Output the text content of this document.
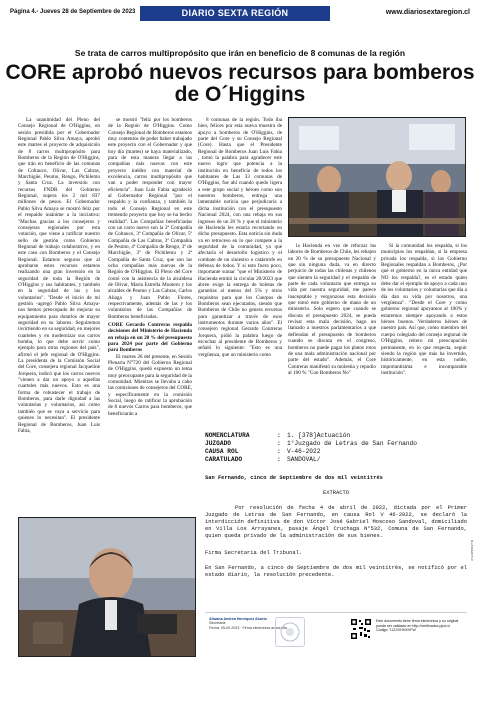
Página 4.- Jueves 28 de Septiembre de 2023	DIARIO SEXTA REGIÓN	www.diariosextaregion.cl
Se trata de carros multipropósito que irán en beneficio de 8 comunas de la región
CORE aprobó nuevos recursos para bomberos de O´Higgins

La unanimidad del Pleno del Consejo Regional de O'Higgins, en sesión presidida por el Gobernador Regional Pablo Silva Amaya, aprobó este martes el proyecto de adquisición de 8 carros multipropósito para Bomberos de la Región de O'Higgins, que irán en beneficio de las comunas de Coltauco, Olivar, Las Cabras, Marchigüe, Peumo, Rengo, Pichilemu y Santa Cruz. La inversión con recursos FNDR del Gobierno Regional, supera los 2 mil 837 millones de pesos. El Gobernador Pablo Silva Amaya se mostró feliz por el respaldo unánime a la iniciativa: "Muchas gracias a los consejeros y consejeras regionales por esta votación, que viene a ratificar nuestro sello de gestión como Gobierno Regional de trabajo colaborativo, y en este caso con Bomberos y el Consejo Regional. Estamos seguros que al aprobarse estos recursos estamos realizando una gran inversión en la seguridad de toda la Región de O'Higgins y sus habitantes, y también en la seguridad de las y los voluntarios". "Desde el inicio de mi gestión -agregó Pablo Silva Amaya- nos hemos preocupado de mejorar su equipamiento para dotarlos de mayor seguridad en su labores. Seguiremos invirtiendo en su seguridad, en mejores cuarteles y en modernizar sus carros bomba, lo que debe servir como ejemplo para otras regiones del país", afirmó el jefe regional de O'Higgins. La presidenta de la Comisión Social del Core, consejera regional Jacqueline Jorquera, indicó que los carros nuevos "vienen a dar un apoyo a aquellas cuarteles más nuevos. Esto es una forma de robustecer el trabajo de Bomberos, para darle dignidad a las voluntarias y voluntarios, así como también que se vaya a servicio para quienes lo necesitan". El presidente Regional de Bomberos, Juan Luis Fabia,

se mostró "feliz por los bomberos de la Región de O'Higgins. Como Consejo Regional de Bomberos estamos muy contentos de poder haber trabajado este proyecto con el Gobernador y que hoy día (martes) se haya materializado, para de esta manera llegar a las compañías más nuevas con este proyecto inédito con material de excelencia, carros multipropósito que van a poder responder con mayor eficiencia". Juan Luis Fabia agradeció al Gobernador Regional "por el respaldo y la confianza, y también la todo el Consejo Regional en este tremendo proyecto que hoy se ha hecho realidad". Las Compañías beneficiadas con un carro nuevo son la 2ª Compañía de Coltauco, 3ª Compañía de Olivar, 5ª Compañía de Las Cabras, 3ª Compañía de Peumo, 4ª Compañía de Rengo, 3ª de Marchigüe, 3ª de Pichilemu y 2ª Compañía de Santa Cruz, que son las ocho compañías más nuevas de la Región de O'Higgins. El Pleno del Core contó con la asistencia de la alcaldesa de Olivar, María Estrella Montero y los alcaldes de Peumo y Las Cabras, Carlos Aliaga y Juan Pablo Flores, respectivamente, además de las y los voluntarios de las Compañías de Bomberos beneficiadas.

CORE Gerardo Contreras respalda decisiones del Ministerio de Hacienda en rebaja en un 20 % del presupuesto para 2024 por parte del Gobierno para Bomberos

El martes 26 del presente, en Sesión Plenaria N°720 del Gobierno Regional de O'Higgins, quedó expuesto un tema muy preocupante para la seguridad de la comunidad. Mientras se llevaba a cabo las comisiones de consejeros del CORE, y específicamente en la comisión Social, luego de ratificar la aprobación de 8 nuevos Carros para bomberos, que beneficiarán a

8 comunas de la región. Todo iba bien, felices por esta nueva muestra de apoyo a bomberos de O'Higgins, de parte del Gore y su Consejo Regional (Core). Hasta que el Presidente Regional de Bomberos Juan Luis Fabia , tomó la palabra para agradecer este nuevo logro que potencia a la institución en beneficio de todos los habitantes de Las 33 comunas de O'Higgins, fue ahí cuando quedo ligera a este grupo social y héroes como son nuestros bomberos, entrega una lamentable noticia que perjudicaría a dicha institución con el presupuesto Nacional 2024, con una rebaja en sus ingresos de un 20 % y que el ministerio de Hacienda les estaría recortando en dicho presupuesto. Esta noticia sin duda va en retroceso en lo que compete a la seguridad de la comunidad, ya que afectaría el desarrollo logístico y el combate de un siniestro o catástrofe en defensa de todos. Y si esto fuera poco, importante sumar "que el Ministerio de Hacienda emitió la circular 20/2023 que abren exige la entrega de boletas de garantías al menos del 5% y otros requisitos para que los Cuerpos de Bomberos sean ejecutados, siendo que Bomberos de Chile no genera recursos para garantizar a través de esos instrumentos durante varios años". El consejero regional Gerardo Contreras Jorquera, pidió la palabra luego de escuchar al presidente de Bomberos y señaló lo siguiente: "Esto es una vergüenza, que un ministerio como

la Hacienda en vez de reforzar las labores de Bomberos de Chile, les rebajen un 20 % de su presupuesto Nacional y que sin ninguna duda, va en directo perjuicio de todas las chilenas y chilenos que sienten la seguridad y el respaldo de parte de cada voluntario que entrega su vida por nuestra seguridad, me parece inaceptable y vergonzoso esta decisión que tomó este gobierno de mano de un ministerio. Solo espero que cuando se discuta el presupuesto 2024, se pueda revisar esta mala decisión, hago un llamado a nuestros parlamentarios a que defiendan el presupuesto de bomberos cuando se discuta en el congreso, bomberos no puede pagar los platos rotos de una mala administración nacional por parte del estado". Además, el Core Contreras manifestó su molestia y repudio al 100 % "Con Bomberos No"

Si la comunidad los respalda, si los municipios los respaldan, si la empresa privada los respalda, si los Gobierno Regionales respaldan a Bomberos, ¿Por qué el gobierno en la única entidad que NO los respalda?, es el estado quien debe dar el ejemplo de apoyo a cada uno de los voluntarios y voluntarias que día a día dan su vida por nosotros, una vergüenza". "Desde el Core y como gobierno regional apoyamos al 100% y estaremos siempre apoyando a estos héroes buenos. Verdaderos héroes de nuestro país. Así que, como miembro del cuerpo colegiado del consejo regional de O'Higgins, reitero mi preocupación permanente, en lo que respecta, seguir siendo la región que más ha invertido, históricamente, en esta noble, importantísima e incomparable institución".

NOMENCLATURA	:	1. [378]Actuación
JUZGADO	:	1°Juzgado de Letras de San Fernando
CAUSA ROL	:	V-46-2022
CARATULADO	:	SANDOVAL/
San Fernando, cinco de Septiembre de dos mil veintitrés
EXTRACTO
Por resolución de fecha 4 de abril de 2022, dictada por el Primer Juzgado de Letras de San Fernando, en causa Rol V 46-2022, se declaró la interdicción definitiva de don Víctor José Gabriel Moscoso Sandoval, domiciliado en Villa Los Arrayanes, pasaje Ángel Cruchaga N°532, Comuna de San Fernando, quien queda privado de la administración de sus bienes.
Firma Secretaria del Tribunal.
En San Fernando, a cinco de Septiembre de dos mil veintitrés, se notificó por el estado diario, la resolución precedente.
Aliwana Andrea Henríquez Aburto
Secretaria
Fecha: 05-09-2023 · Firma electrónica avanzada
Este documento tiene firma electrónica y su original puede ser validado en http://verificadoc.pjud.cl
Código: TJZXXHHXVFW
XYZXHHXVFW
